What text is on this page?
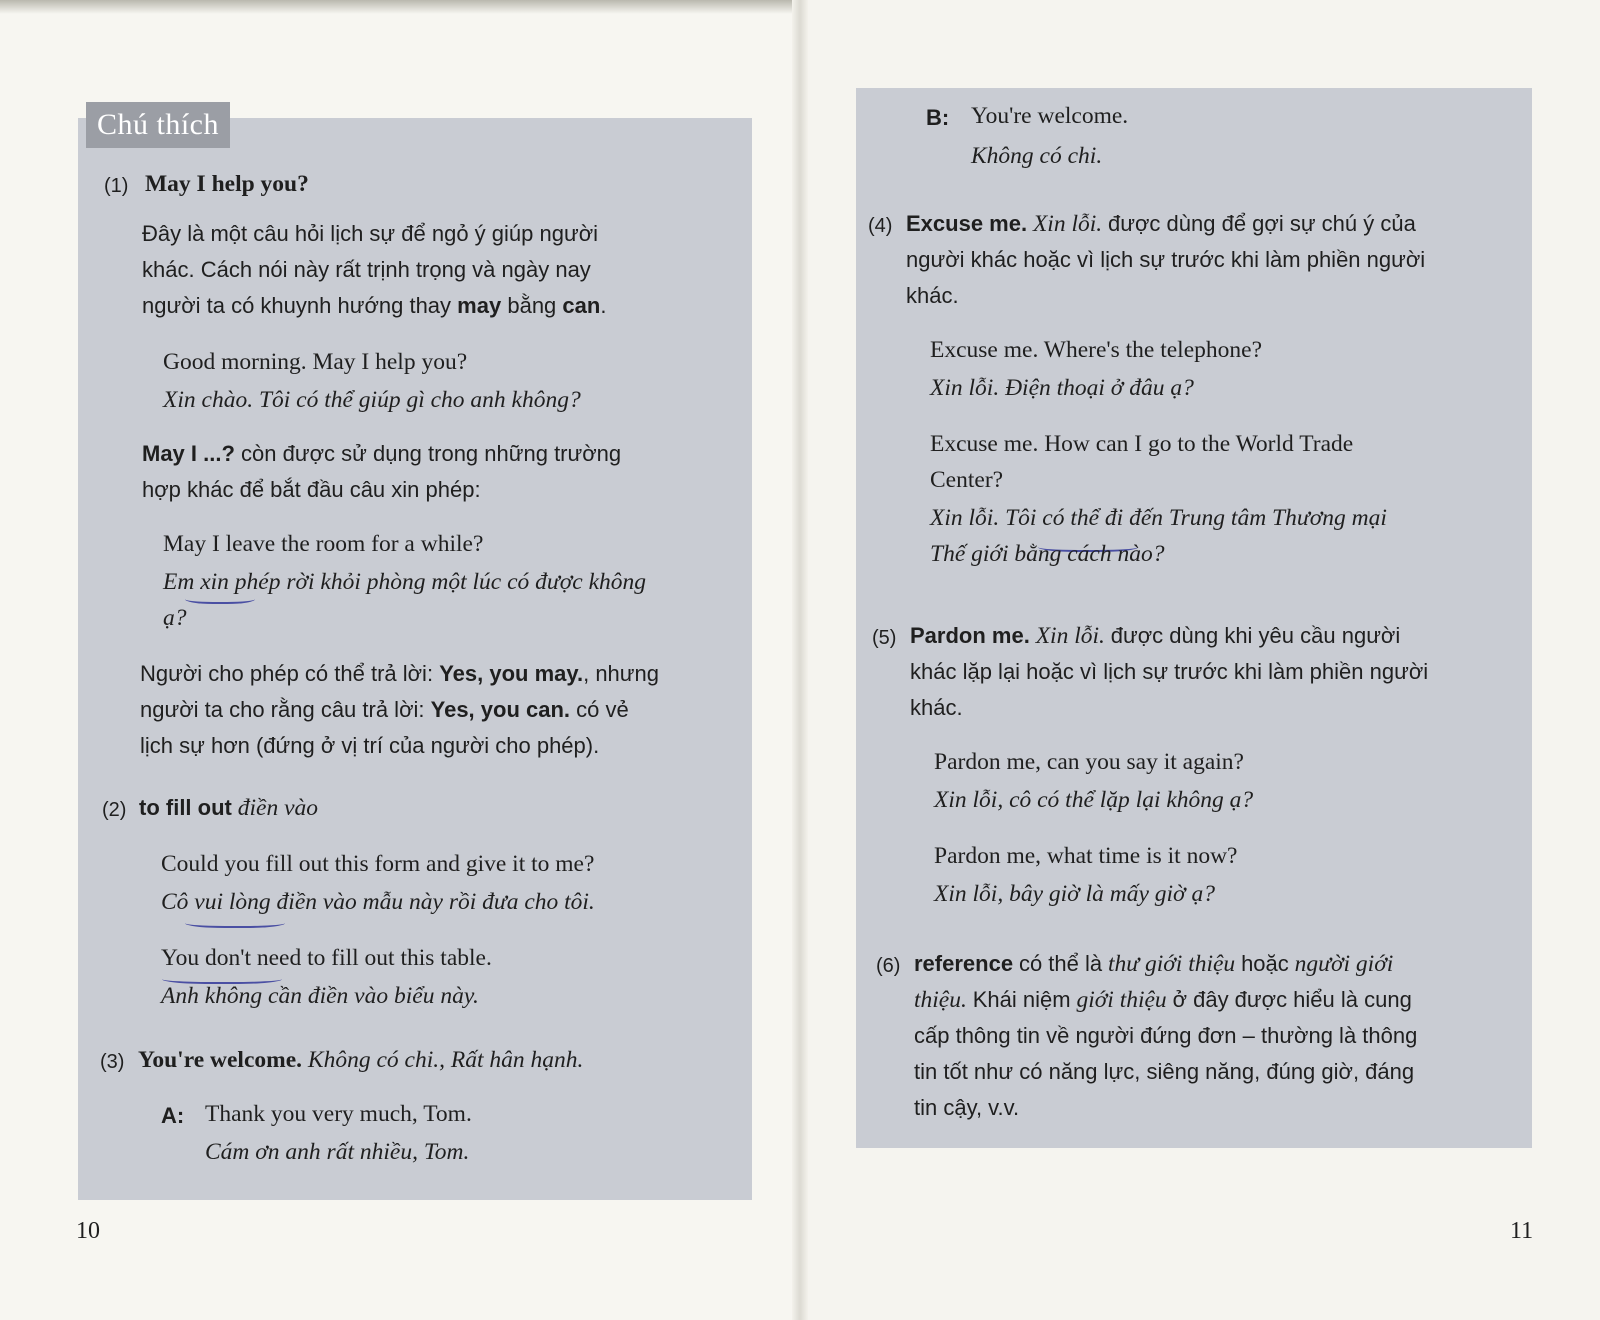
Chú thích
(1) May I help you?
Đây là một câu hỏi lịch sự để ngỏ ý giúp người
khác. Cách nói này rất trịnh trọng và ngày nay
người ta có khuynh hướng thay may bằng can.
Good morning. May I help you?
Xin chào. Tôi có thể giúp gì cho anh không?
May I ...? còn được sử dụng trong những trường
hợp khác để bắt đầu câu xin phép:
May I leave the room for a while?
Em xin phép rời khỏi phòng một lúc có được không
ạ?
Người cho phép có thể trả lời: Yes, you may., nhưng
người ta cho rằng câu trả lời: Yes, you can. có vẻ
lịch sự hơn (đứng ở vị trí của người cho phép).
(2) to fill out điền vào
Could you fill out this form and give it to me?
Cô vui lòng điền vào mẫu này rồi đưa cho tôi.
You don't need to fill out this table.
Anh không cần điền vào biểu này.
(3) You're welcome. Không có chi., Rất hân hạnh.
A: Thank you very much, Tom.
Cám ơn anh rất nhiều, Tom.
10
B: You're welcome.
Không có chi.
(4) Excuse me. Xin lỗi. được dùng để gợi sự chú ý của
người khác hoặc vì lịch sự trước khi làm phiền người
khác.
Excuse me. Where's the telephone?
Xin lỗi. Điện thoại ở đâu ạ?
Excuse me. How can I go to the World Trade
Center?
Xin lỗi. Tôi có thể đi đến Trung tâm Thương mại
Thế giới bằng cách nào?
(5) Pardon me. Xin lỗi. được dùng khi yêu cầu người
khác lặp lại hoặc vì lịch sự trước khi làm phiền người
khác.
Pardon me, can you say it again?
Xin lỗi, cô có thể lặp lại không ạ?
Pardon me, what time is it now?
Xin lỗi, bây giờ là mấy giờ ạ?
(6) reference có thể là thư giới thiệu hoặc người giới
thiệu. Khái niệm giới thiệu ở đây được hiểu là cung
cấp thông tin về người đứng đơn – thường là thông
tin tốt như có năng lực, siêng năng, đúng giờ, đáng
tin cậy, v.v.
11
